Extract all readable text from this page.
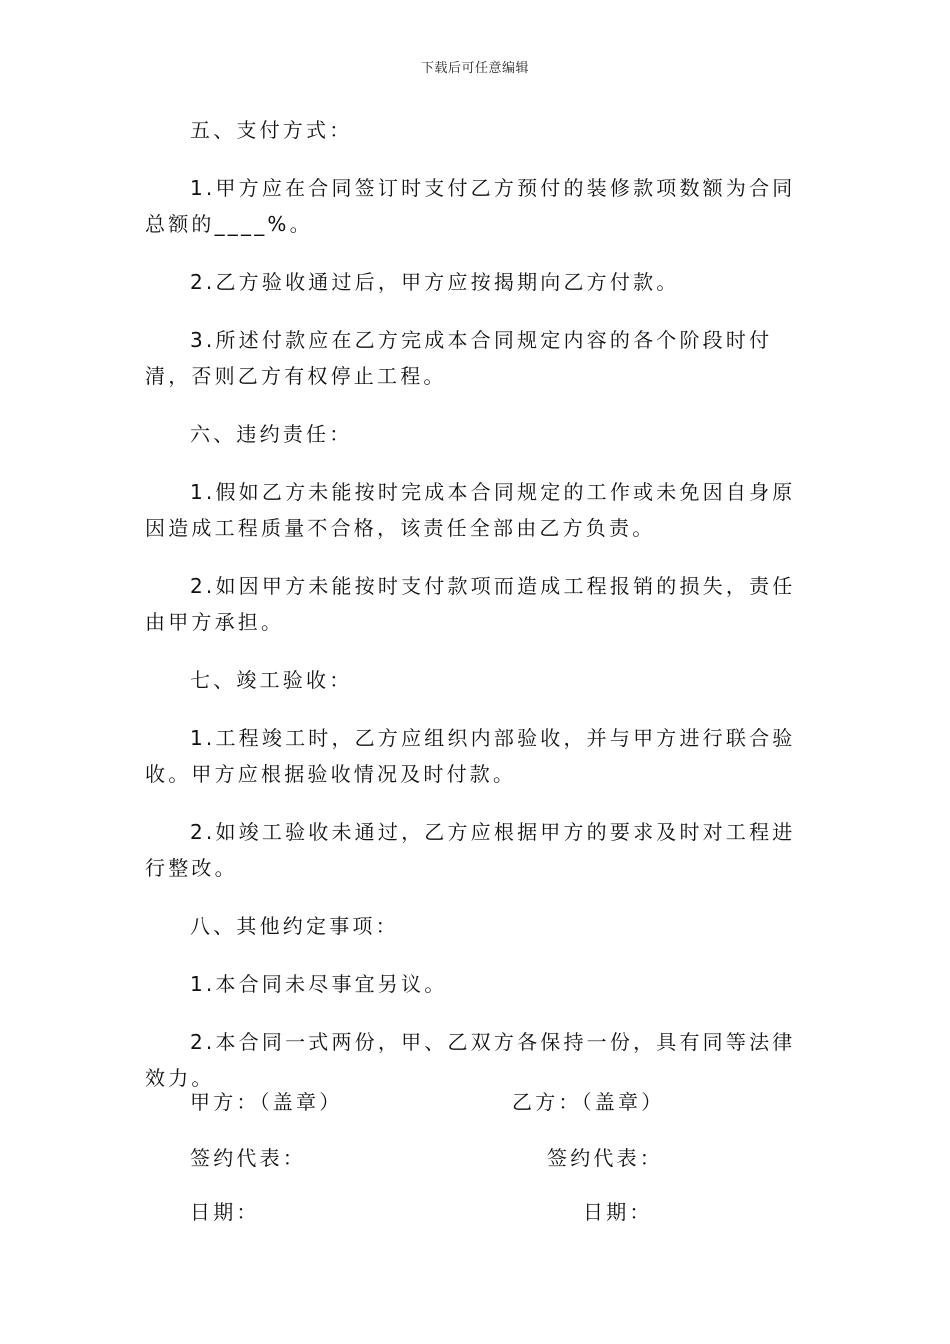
下载后可任意编辑

五、支付方式：

1.甲方应在合同签订时支付乙方预付的装修款项数额为合同总额的____%。

2.乙方验收通过后，甲方应按揭期向乙方付款。

3.所述付款应在乙方完成本合同规定内容的各个阶段时付清，否则乙方有权停止工程。

六、违约责任：

1.假如乙方未能按时完成本合同规定的工作或未免因自身原因造成工程质量不合格，该责任全部由乙方负责。

2.如因甲方未能按时支付款项而造成工程报销的损失，责任由甲方承担。

七、竣工验收：

1.工程竣工时，乙方应组织内部验收，并与甲方进行联合验收。甲方应根据验收情况及时付款。

2.如竣工验收未通过，乙方应根据甲方的要求及时对工程进行整改。

八、其他约定事项：

1.本合同未尽事宜另议。

2.本合同一式两份，甲、乙双方各保持一份，具有同等法律效力。

甲方：（盖章）	乙方：（盖章）
签约代表：	签约代表：
日期：	日期：
